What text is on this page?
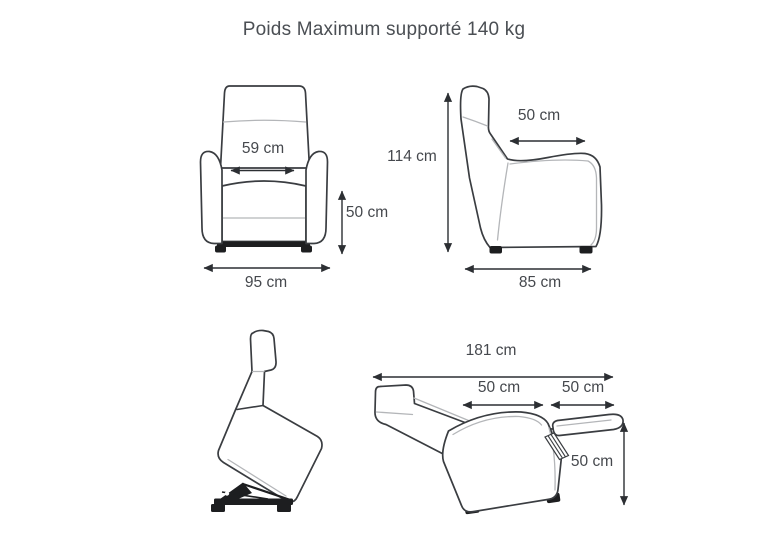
Poids Maximum supporté 140 kg
59 cm
50 cm
95 cm
114 cm
50 cm
85 cm
181 cm
50 cm	50 cm
50 cm
